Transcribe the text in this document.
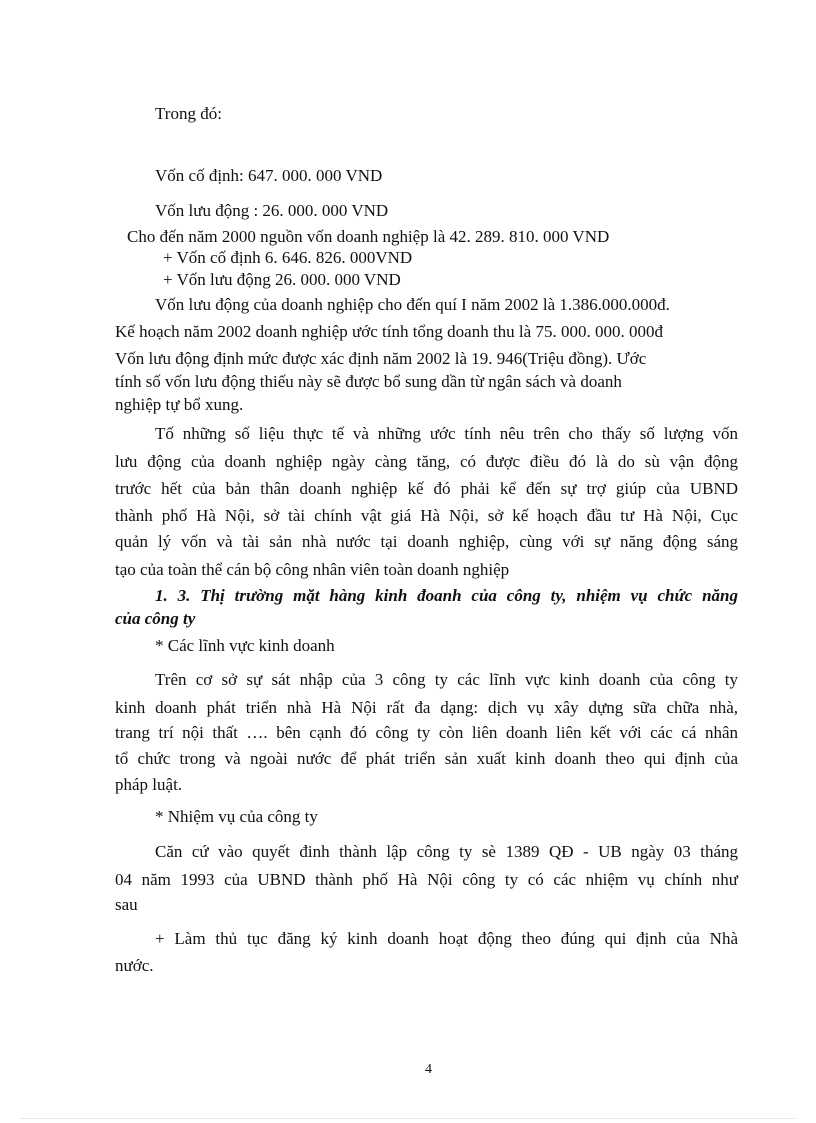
Trong đó:
Vốn cố định: 647. 000. 000 VND
Vốn lưu động : 26. 000. 000 VND
Cho đến năm 2000 nguồn vốn doanh nghiệp là 42. 289. 810. 000 VND
+ Vốn cố định 6. 646. 826. 000VND
+ Vốn lưu động 26. 000. 000 VND
Vốn lưu động của doanh nghiệp cho đến quí I năm 2002 là 1.386.000.000đ.
Kế hoạch năm 2002 doanh nghiệp ước tính tổng doanh thu là 75. 000. 000. 000đ
Vốn lưu động định mức được xác định năm 2002 là 19. 946(Triệu đồng). Ước
tính số vốn lưu động thiếu này sẽ được bổ sung dần từ ngân sách và doanh
nghiệp tự bổ xung.
Tố những số liệu thực tế và những ước tính nêu trên cho thấy số lượng vốn
lưu động của doanh nghiệp ngày càng tăng, có được điều đó là do sù vận động
trước hết của bản thân doanh nghiệp kế đó phải kể đến sự trợ giúp của UBND
thành phố Hà Nội, sở tài chính vật giá Hà Nội, sở kế hoạch đầu tư Hà Nội, Cục
quản lý vốn và tài sản nhà nước tại doanh nghiệp, cùng với sự năng động sáng
tạo của toàn thể cán bộ công nhân viên toàn doanh nghiệp
1. 3. Thị trường mặt hàng kinh đoanh của công ty, nhiệm vụ chức năng
của công ty
* Các lĩnh vực kinh doanh
Trên cơ sở sự sát nhập của 3 công ty các lĩnh vực kinh doanh của công ty
kinh doanh phát triển nhà Hà Nội rất đa dạng: dịch vụ xây dựng sữa chữa nhà,
trang trí nội thất …. bên cạnh đó công ty còn liên doanh liên kết với các cá nhân
tổ chức trong và ngoài nước để phát triển sản xuất kinh doanh theo qui định của
pháp luật.
* Nhiệm vụ của công ty
Căn cứ vào quyết đinh thành lập công ty sè 1389 QĐ - UB ngày 03 tháng
04 năm 1993 của UBND thành phố Hà Nội công ty có các nhiệm vụ chính như
sau
+ Làm thủ tục đăng ký kinh doanh hoạt động theo đúng qui định của Nhà
nước.
4
